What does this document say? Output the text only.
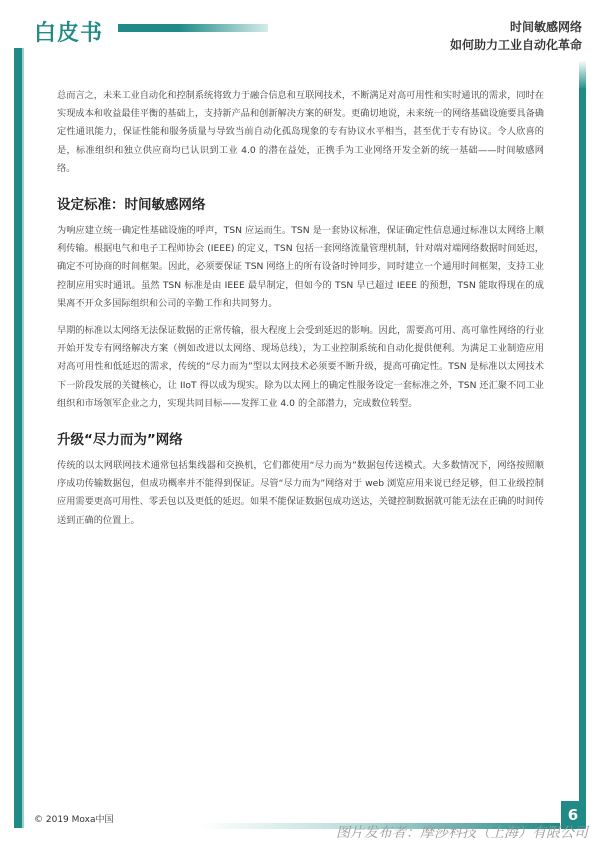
白皮书	时间敏感网络
如何助力工业自动化革命

总而言之，未来工业自动化和控制系统将致力于融合信息和互联网技术，不断满足对高可用性和实时通讯的需求，同时在实现成本和收益最佳平衡的基础上，支持新产品和创新解决方案的研发。更确切地说，未来统一的网络基础设施要具备确定性通讯能力，保证性能和服务质量与导致当前自动化孤岛现象的专有协议水平相当，甚至优于专有协议。令人欣喜的是，标准组织和独立供应商均已认识到工业 4.0 的潜在益处，正携手为工业网络开发全新的统一基础——时间敏感网络。

设定标准：时间敏感网络

为响应建立统一确定性基础设施的呼声，TSN 应运而生。TSN 是一套协议标准，保证确定性信息通过标准以太网络上顺利传输。根据电气和电子工程师协会 (IEEE) 的定义，TSN 包括一套网络流量管理机制，针对端对端网络数据时间延迟，确定不可协商的时间框架。因此，必须要保证 TSN 网络上的所有设备时钟同步，同时建立一个通用时间框架，支持工业控制应用实时通讯。虽然 TSN 标准是由 IEEE 最早制定，但如今的 TSN 早已超过 IEEE 的预想，TSN 能取得现在的成果离不开众多国际组织和公司的辛勤工作和共同努力。

早期的标准以太网络无法保证数据的正常传输，很大程度上会受到延迟的影响。因此，需要高可用、高可靠性网络的行业开始开发专有网络解决方案（例如改进以太网络、现场总线），为工业控制系统和自动化提供便利。为满足工业制造应用对高可用性和低延迟的需求，传统的“尽力而为”型以太网技术必须要不断升级，提高可确定性。TSN 是标准以太网技术下一阶段发展的关键核心，让 IIoT 得以成为现实。除为以太网上的确定性服务设定一套标准之外，TSN 还汇聚不同工业组织和市场领军企业之力，实现共同目标——发挥工业 4.0 的全部潜力，完成数位转型。

升级“尽力而为”网络

传统的以太网联网技术通常包括集线器和交换机，它们都使用“尽力而为”数据包传送模式。大多数情况下，网络按照顺序成功传输数据包，但成功概率并不能得到保证。尽管“尽力而为”网络对于 web 浏览应用来说已经足够，但工业级控制应用需要更高可用性、零丢包以及更低的延迟。如果不能保证数据包成功送达，关键控制数据就可能无法在正确的时间传送到正确的位置上。

© 2019 Moxa中国	6
图片发布者：摩莎科技（上海）有限公司
